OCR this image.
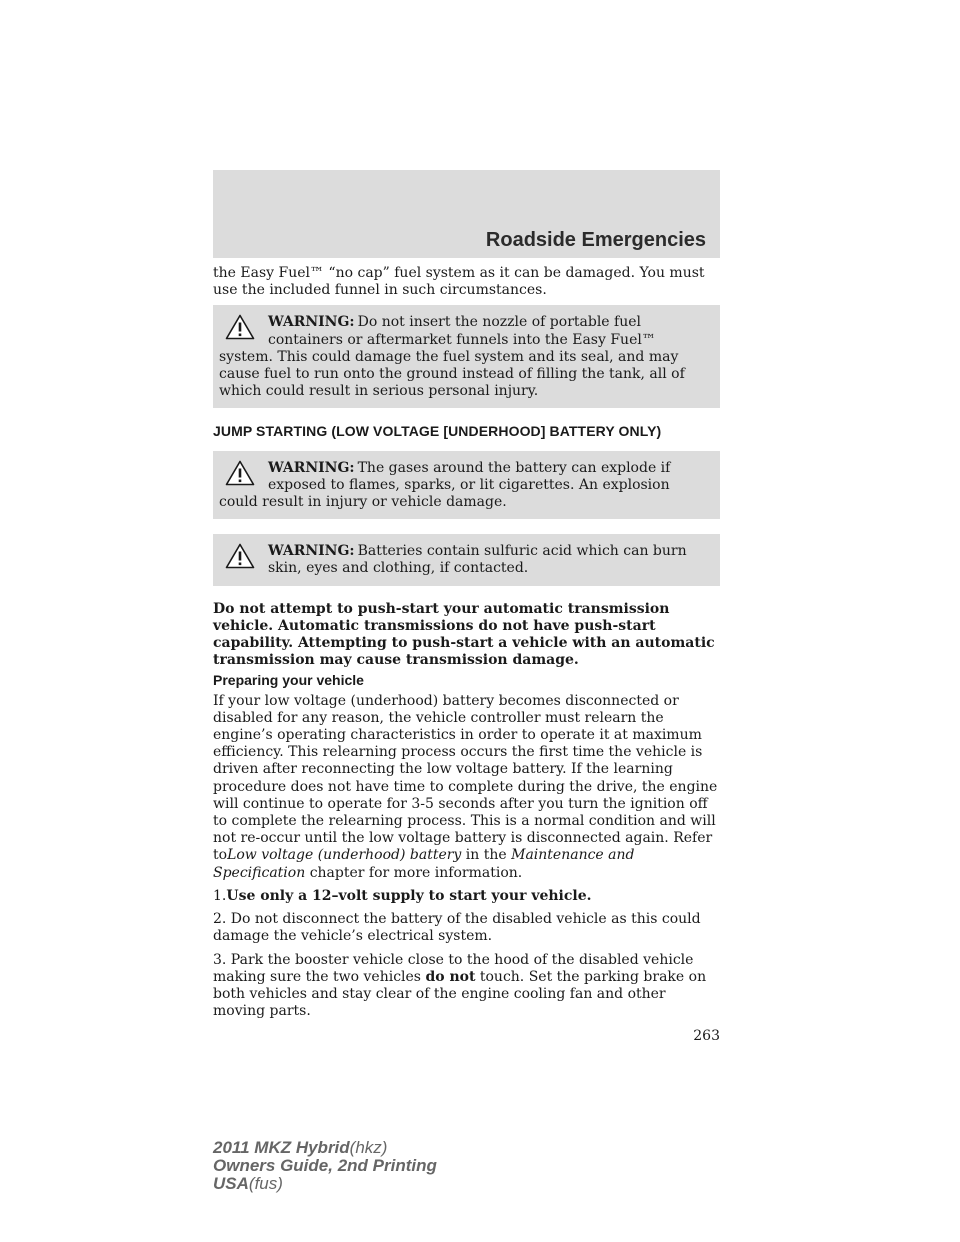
Roadside Emergencies

the Easy Fuel™ “no cap” fuel system as it can be damaged. You must use the included funnel in such circumstances.

WARNING: Do not insert the nozzle of portable fuel containers or aftermarket funnels into the Easy Fuel™ system. This could damage the fuel system and its seal, and may cause fuel to run onto the ground instead of filling the tank, all of which could result in serious personal injury.
JUMP STARTING (LOW VOLTAGE [UNDERHOOD] BATTERY ONLY)
WARNING: The gases around the battery can explode if exposed to flames, sparks, or lit cigarettes. An explosion could result in injury or vehicle damage.
WARNING: Batteries contain sulfuric acid which can burn skin, eyes and clothing, if contacted.

Do not attempt to push-start your automatic transmission vehicle. Automatic transmissions do not have push-start capability. Attempting to push-start a vehicle with an automatic transmission may cause transmission damage.

Preparing your vehicle

If your low voltage (underhood) battery becomes disconnected or disabled for any reason, the vehicle controller must relearn the engine’s operating characteristics in order to operate it at maximum efficiency. This relearning process occurs the first time the vehicle is driven after reconnecting the low voltage battery. If the learning procedure does not have time to complete during the drive, the engine will continue to operate for 3-5 seconds after you turn the ignition off to complete the relearning process. This is a normal condition and will not re-occur until the low voltage battery is disconnected again. Refer toLow voltage (underhood) battery in the Maintenance and Specification chapter for more information.

1.Use only a 12–volt supply to start your vehicle.

2. Do not disconnect the battery of the disabled vehicle as this could damage the vehicle’s electrical system.

3. Park the booster vehicle close to the hood of the disabled vehicle making sure the two vehicles do not touch. Set the parking brake on both vehicles and stay clear of the engine cooling fan and other moving parts.

263
2011 MKZ Hybrid(hkz)
Owners Guide, 2nd Printing
USA(fus)
